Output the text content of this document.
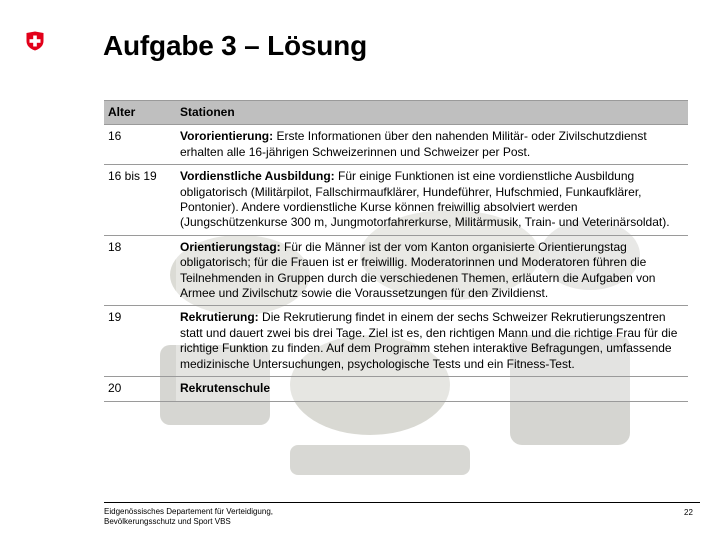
Aufgabe 3 – Lösung
Alter	Stationen
16	Vororientierung: Erste Informationen über den nahenden Militär- oder Zivilschutzdienst erhalten alle 16-jährigen Schweizerinnen und Schweizer per Post.
16 bis 19	Vordienstliche Ausbildung: Für einige Funktionen ist eine vordienstliche Ausbildung obligatorisch (Militärpilot, Fallschirmaufklärer, Hundeführer, Hufschmied, Funkaufklärer, Pontonier). Andere vordienstliche Kurse können freiwillig absolviert werden (Jungschützenkurse 300 m, Jungmotorfahrerkurse, Militärmusik, Train- und Veterinärsoldat).
18	Orientierungstag: Für die Männer ist der vom Kanton organisierte Orientierungstag obligatorisch; für die Frauen ist er freiwillig. Moderatorinnen und Moderatoren führen die Teilnehmenden in Gruppen durch die verschiedenen Themen, erläutern die Aufgaben von Armee und Zivilschutz sowie die Voraussetzungen für den Zivildienst.
19	Rekrutierung: Die Rekrutierung findet in einem der sechs Schweizer Rekrutierungszentren statt und dauert zwei bis drei Tage. Ziel ist es, den richtigen Mann und die richtige Frau für die richtige Funktion zu finden. Auf dem Programm stehen interaktive Befragungen, umfassende medizinische Untersuchungen, psychologische Tests und ein Fitness-Test.
20	Rekrutenschule
Eidgenössisches Departement für Verteidigung,
Bevölkerungsschutz und Sport VBS
22
